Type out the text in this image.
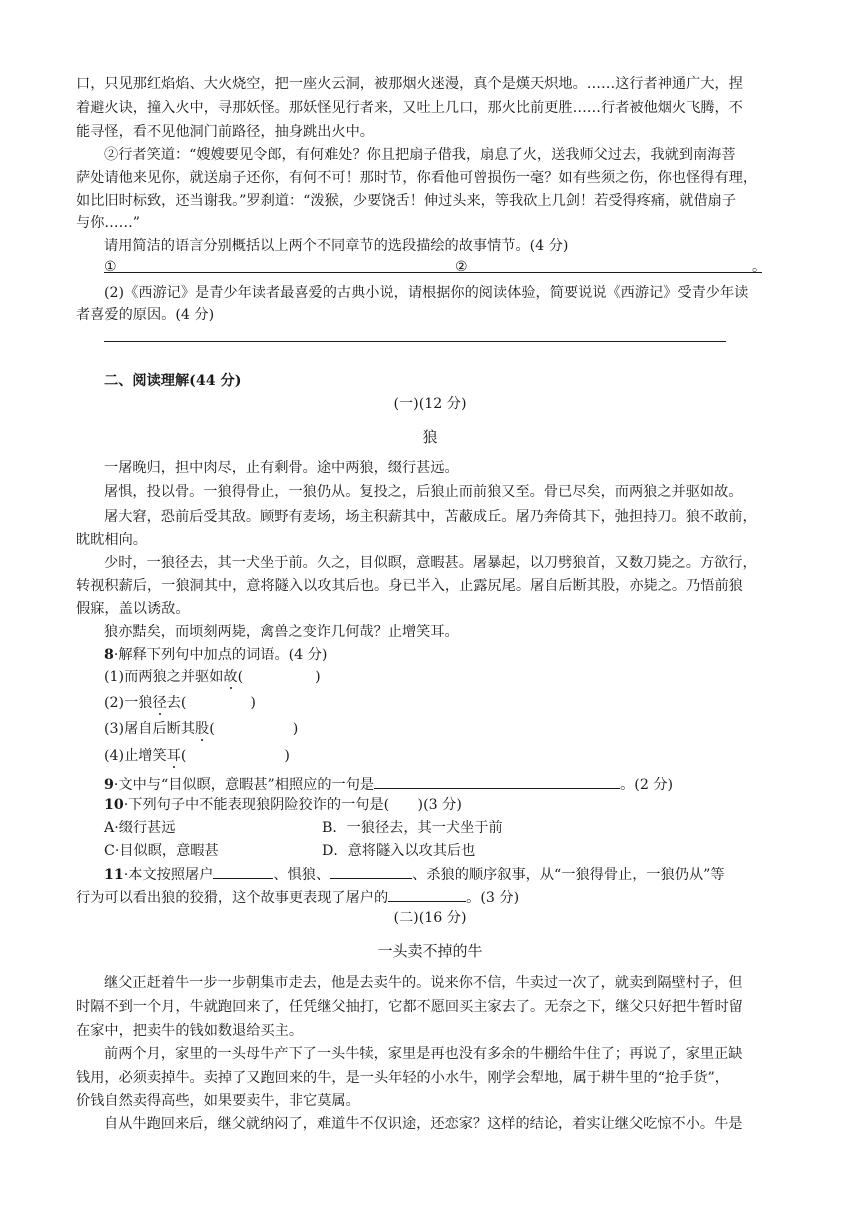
口，只见那红焰焰、大火烧空，把一座火云洞，被那烟火迷漫，真个是熯天炽地。……这行者神通广大，捏
着避火诀，撞入火中，寻那妖怪。那妖怪见行者来，又吐上几口，那火比前更胜……行者被他烟火飞腾，不
能寻怪，看不见他洞门前路径，抽身跳出火中。
②行者笑道：“嫂嫂要见令郎，有何难处？你且把扇子借我，扇息了火，送我师父过去，我就到南海菩
萨处请他来见你，就送扇子还你，有何不可！那时节，你看他可曾损伤一毫？如有些须之伤，你也怪得有理，
如比旧时标致，还当谢我。”罗刹道：“泼猴，少要饶舌！伸过头来，等我砍上几剑！若受得疼痛，就借扇子
与你……”
请用简洁的语言分别概括以上两个不同章节的选段描绘的故事情节。(4 分)
①	②	。
(2)《西游记》是青少年读者最喜爱的古典小说，请根据你的阅读体验，简要说说《西游记》受青少年读
者喜爱的原因。(4 分)
二、阅读理解(44 分)
(一)(12 分)
狼
一屠晚归，担中肉尽，止有剩骨。途中两狼，缀行甚远。
屠惧，投以骨。一狼得骨止，一狼仍从。复投之，后狼止而前狼又至。骨已尽矣，而两狼之并驱如故。
屠大窘，恐前后受其敌。顾野有麦场，场主积薪其中，苫蔽成丘。屠乃奔倚其下，弛担持刀。狼不敢前，
眈眈相向。
少时，一狼径去，其一犬坐于前。久之，目似瞑，意暇甚。屠暴起，以刀劈狼首，又数刀毙之。方欲行，
转视积薪后，一狼洞其中，意将隧入以攻其后也。身已半入，止露尻尾。屠自后断其股，亦毙之。乃悟前狼
假寐，盖以诱敌。
狼亦黠矣，而顷刻两毙，禽兽之变诈几何哉？止增笑耳。
8·解释下列句中加点的词语。(4 分)
(1)而两狼之并驱如故(	)
(2)一狼径去(	)
(3)屠自后断其股(	)
(4)止增笑耳(	)
9·文中与“目似瞑，意暇甚”相照应的一句是	。(2 分)
10·下列句子中不能表现狼阴险狡诈的一句是(　　)(3 分)
A·缀行甚远	B．一狼径去，其一犬坐于前
C·目似瞑，意暇甚	D．意将隧入以攻其后也
11·本文按照屠户	、惧狼、	、杀狼的顺序叙事，从“一狼得骨止，一狼仍从”等
行为可以看出狼的狡猾，这个故事更表现了屠户的	。(3 分)
(二)(16 分)
一头卖不掉的牛
继父正赶着牛一步一步朝集市走去，他是去卖牛的。说来你不信，牛卖过一次了，就卖到隔壁村子，但
时隔不到一个月，牛就跑回来了，任凭继父抽打，它都不愿回买主家去了。无奈之下，继父只好把牛暂时留
在家中，把卖牛的钱如数退给买主。
前两个月，家里的一头母牛产下了一头牛犊，家里是再也没有多余的牛棚给牛住了；再说了，家里正缺
钱用，必须卖掉牛。卖掉了又跑回来的牛，是一头年轻的小水牛，刚学会犁地，属于耕牛里的“抢手货”，
价钱自然卖得高些，如果要卖牛，非它莫属。
自从牛跑回来后，继父就纳闷了，难道牛不仅识途，还恋家？这样的结论，着实让继父吃惊不小。牛是
